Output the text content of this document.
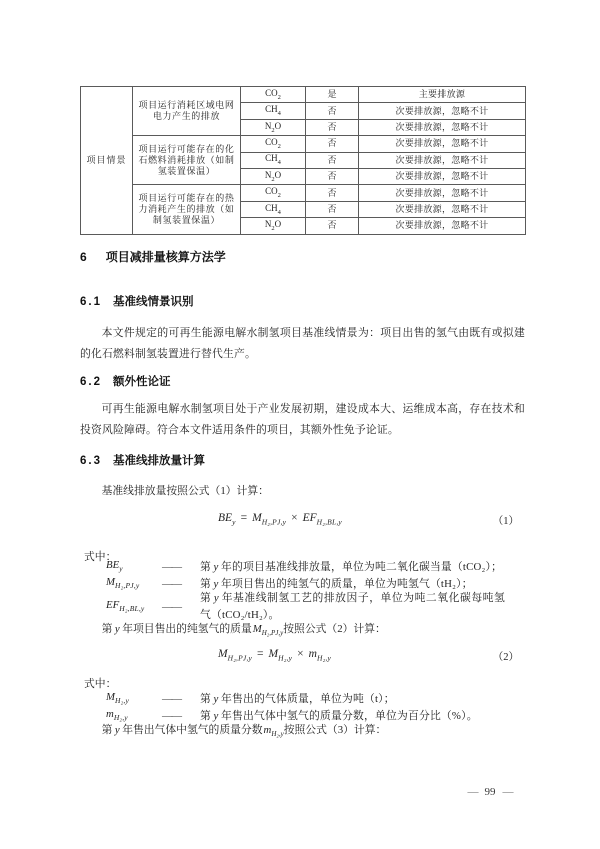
项目情景	项目运行消耗区域电网电力产生的排放	$CO_2$	是	主要排放源
		$CH_4$	否	次要排放源，忽略不计
		$N_2O$	否	次要排放源，忽略不计
	项目运行可能存在的化石燃料消耗排放（如制氢装置保温）	$CO_2$	否	次要排放源，忽略不计
		$CH_4$	否	次要排放源，忽略不计
		$N_2O$	否	次要排放源，忽略不计
	项目运行可能存在的热力消耗产生的排放（如制氢装置保温）	$CO_2$	否	次要排放源，忽略不计
		$CH_4$	否	次要排放源，忽略不计
		$N_2O$	否	次要排放源，忽略不计
6 项目减排量核算方法学
6.1 基准线情景识别

本文件规定的可再生能源电解水制氢项目基准线情景为：项目出售的氢气由既有或拟建的化石燃料制氢装置进行替代生产。

6.2 额外性论证

可再生能源电解水制氢项目处于产业发展初期，建设成本大、运维成本高，存在技术和投资风险障碍。符合本文件适用条件的项目，其额外性免予论证。

6.3 基准线排放量计算

基准线排放量按照公式（1）计算：

$BE_y = M_{H_2,PJ,y} \times EF_{H_2,BL,y}$	（1）

式中：

$BE_y$	——	第 y 年的项目基准线排放量，单位为吨二氧化碳当量（tCO₂）；
$M_{H_2,PJ,y}$	——	第 y 年项目售出的纯氢气的质量，单位为吨氢气（tH₂）；
$EF_{H_2,BL,y}$	——
第 y 年基准线制氢工艺的排放因子，单位为吨二氧化碳每吨氢气（tCO₂/tH₂）。

第 y 年项目售出的纯氢气的质量$M_{H_2,PJ,y}$按照公式（2）计算：

$M_{H_2,PJ,y} = M_{H_2,y} \times m_{H_2,y}$	（2）

式中：

$M_{H_2,y}$	——	第 y 年售出的气体质量，单位为吨（t）；
$m_{H_2,y}$	——	第 y 年售出气体中氢气的质量分数，单位为百分比（%）。

第 y 年售出气体中氢气的质量分数$m_{H_2,y}$按照公式（3）计算：

— 99 —
